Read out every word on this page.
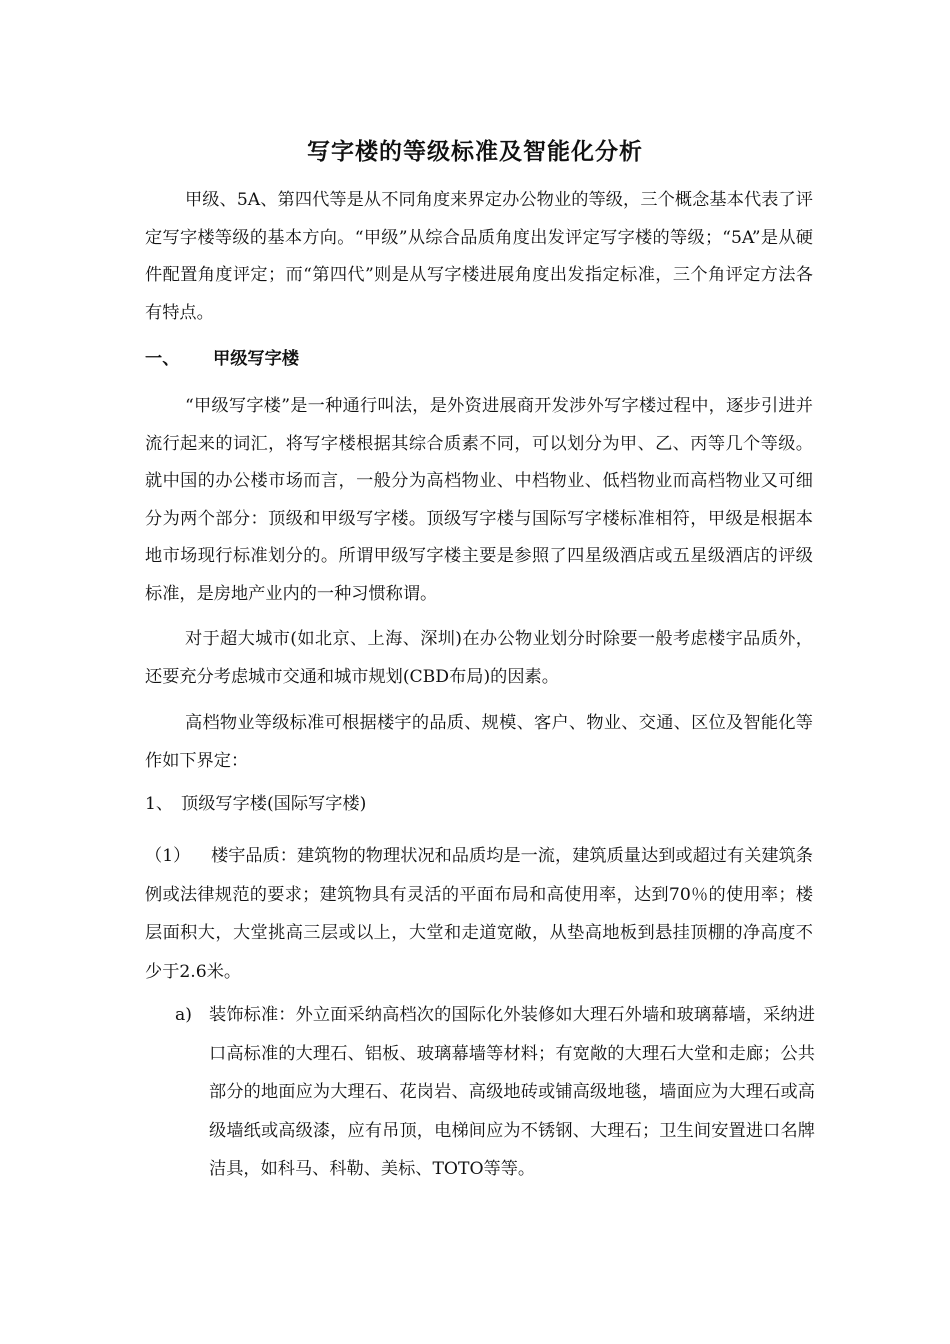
写字楼的等级标准及智能化分析

甲级、5A、第四代等是从不同角度来界定办公物业的等级，三个概念基本代表了评定写字楼等级的基本方向。“甲级”从综合品质角度出发评定写字楼的等级；“5A”是从硬件配置角度评定；而“第四代”则是从写字楼进展角度出发指定标准，三个角评定方法各有特点。

一、 甲级写字楼

“甲级写字楼”是一种通行叫法，是外资进展商开发涉外写字楼过程中，逐步引进并流行起来的词汇，将写字楼根据其综合质素不同，可以划分为甲、乙、丙等几个等级。就中国的办公楼市场而言，一般分为高档物业、中档物业、低档物业而高档物业又可细分为两个部分：顶级和甲级写字楼。顶级写字楼与国际写字楼标准相符，甲级是根据本地市场现行标准划分的。所谓甲级写字楼主要是参照了四星级酒店或五星级酒店的评级标准，是房地产业内的一种习惯称谓。

对于超大城市(如北京、上海、深圳)在办公物业划分时除要一般考虑楼宇品质外，还要充分考虑城市交通和城市规划(CBD布局)的因素。

高档物业等级标准可根据楼宇的品质、规模、客户、物业、交通、区位及智能化等作如下界定：

1、 顶级写字楼(国际写字楼)

（1） 楼宇品质：建筑物的物理状况和品质均是一流，建筑质量达到或超过有关建筑条例或法律规范的要求；建筑物具有灵活的平面布局和高使用率，达到70％的使用率；楼层面积大，大堂挑高三层或以上，大堂和走道宽敞，从垫高地板到悬挂顶棚的净高度不少于2.6米。

a) 装饰标准：外立面采纳高档次的国际化外装修如大理石外墙和玻璃幕墙，采纳进口高标准的大理石、铝板、玻璃幕墙等材料；有宽敞的大理石大堂和走廊；公共部分的地面应为大理石、花岗岩、高级地砖或铺高级地毯，墙面应为大理石或高级墙纸或高级漆，应有吊顶，电梯间应为不锈钢、大理石；卫生间安置进口名牌洁具，如科马、科勒、美标、TOTO等等。
